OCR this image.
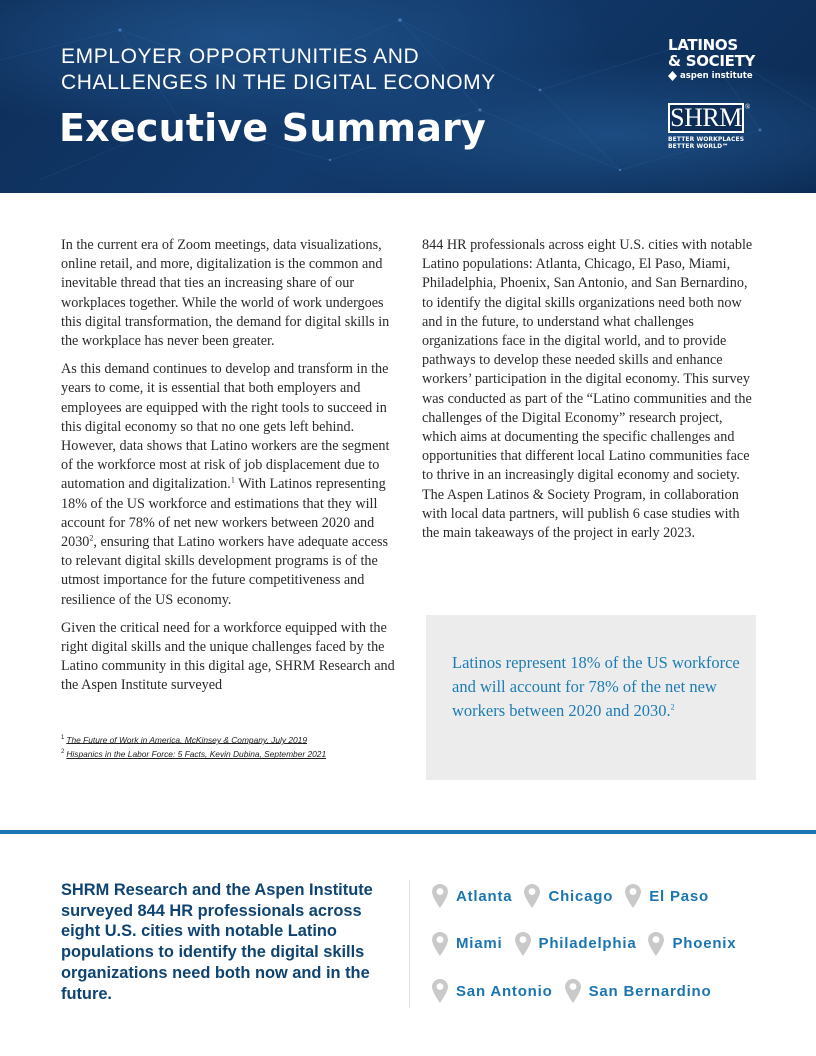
EMPLOYER OPPORTUNITIES AND
CHALLENGES IN THE DIGITAL ECONOMY
Executive Summary
LATINOS
& SOCIETY
aspen institute
SHRM ®
BETTER WORKPLACES
BETTER WORLD℠

In the current era of Zoom meetings, data visualizations, online retail, and more, digitalization is the common and inevitable thread that ties an increasing share of our workplaces together. While the world of work undergoes this digital transformation, the demand for digital skills in the workplace has never been greater.

As this demand continues to develop and transform in the years to come, it is essential that both employers and employees are equipped with the right tools to succeed in this digital economy so that no one gets left behind. However, data shows that Latino workers are the segment of the workforce most at risk of job displacement due to automation and digitalization.$^1$ With Latinos representing 18% of the US workforce and estimations that they will account for 78% of net new workers between 2020 and 2030$^2$, ensuring that Latino workers have adequate access to relevant digital skills development programs is of the utmost importance for the future competitiveness and resilience of the US economy.

Given the critical need for a workforce equipped with the right digital skills and the unique challenges faced by the Latino community in this digital age, SHRM Research and the Aspen Institute surveyed

$^1$ The Future of Work in America, McKinsey & Company, July 2019
$^2$ Hispanics in the Labor Force: 5 Facts, Kevin Dubina, September 2021

844 HR professionals across eight U.S. cities with notable Latino populations: Atlanta, Chicago, El Paso, Miami, Philadelphia, Phoenix, San Antonio, and San Bernardino, to identify the digital skills organizations need both now and in the future, to understand what challenges organizations face in the digital world, and to provide pathways to develop these needed skills and enhance workers’ participation in the digital economy. This survey was conducted as part of the “Latino communities and the challenges of the Digital Economy” research project, which aims at documenting the specific challenges and opportunities that different local Latino communities face to thrive in an increasingly digital economy and society. The Aspen Latinos & Society Program, in collaboration with local data partners, will publish 6 case studies with the main takeaways of the project in early 2023.

Latinos represent 18% of the US workforce and will account for 78% of the net new workers between 2020 and 2030.$^2$

SHRM Research and the Aspen Institute surveyed 844 HR professionals across eight U.S. cities with notable Latino populations to identify the digital skills organizations need both now and in the future.
Atlanta Chicago El Paso
Miami Philadelphia Phoenix
San Antonio San Bernardino
